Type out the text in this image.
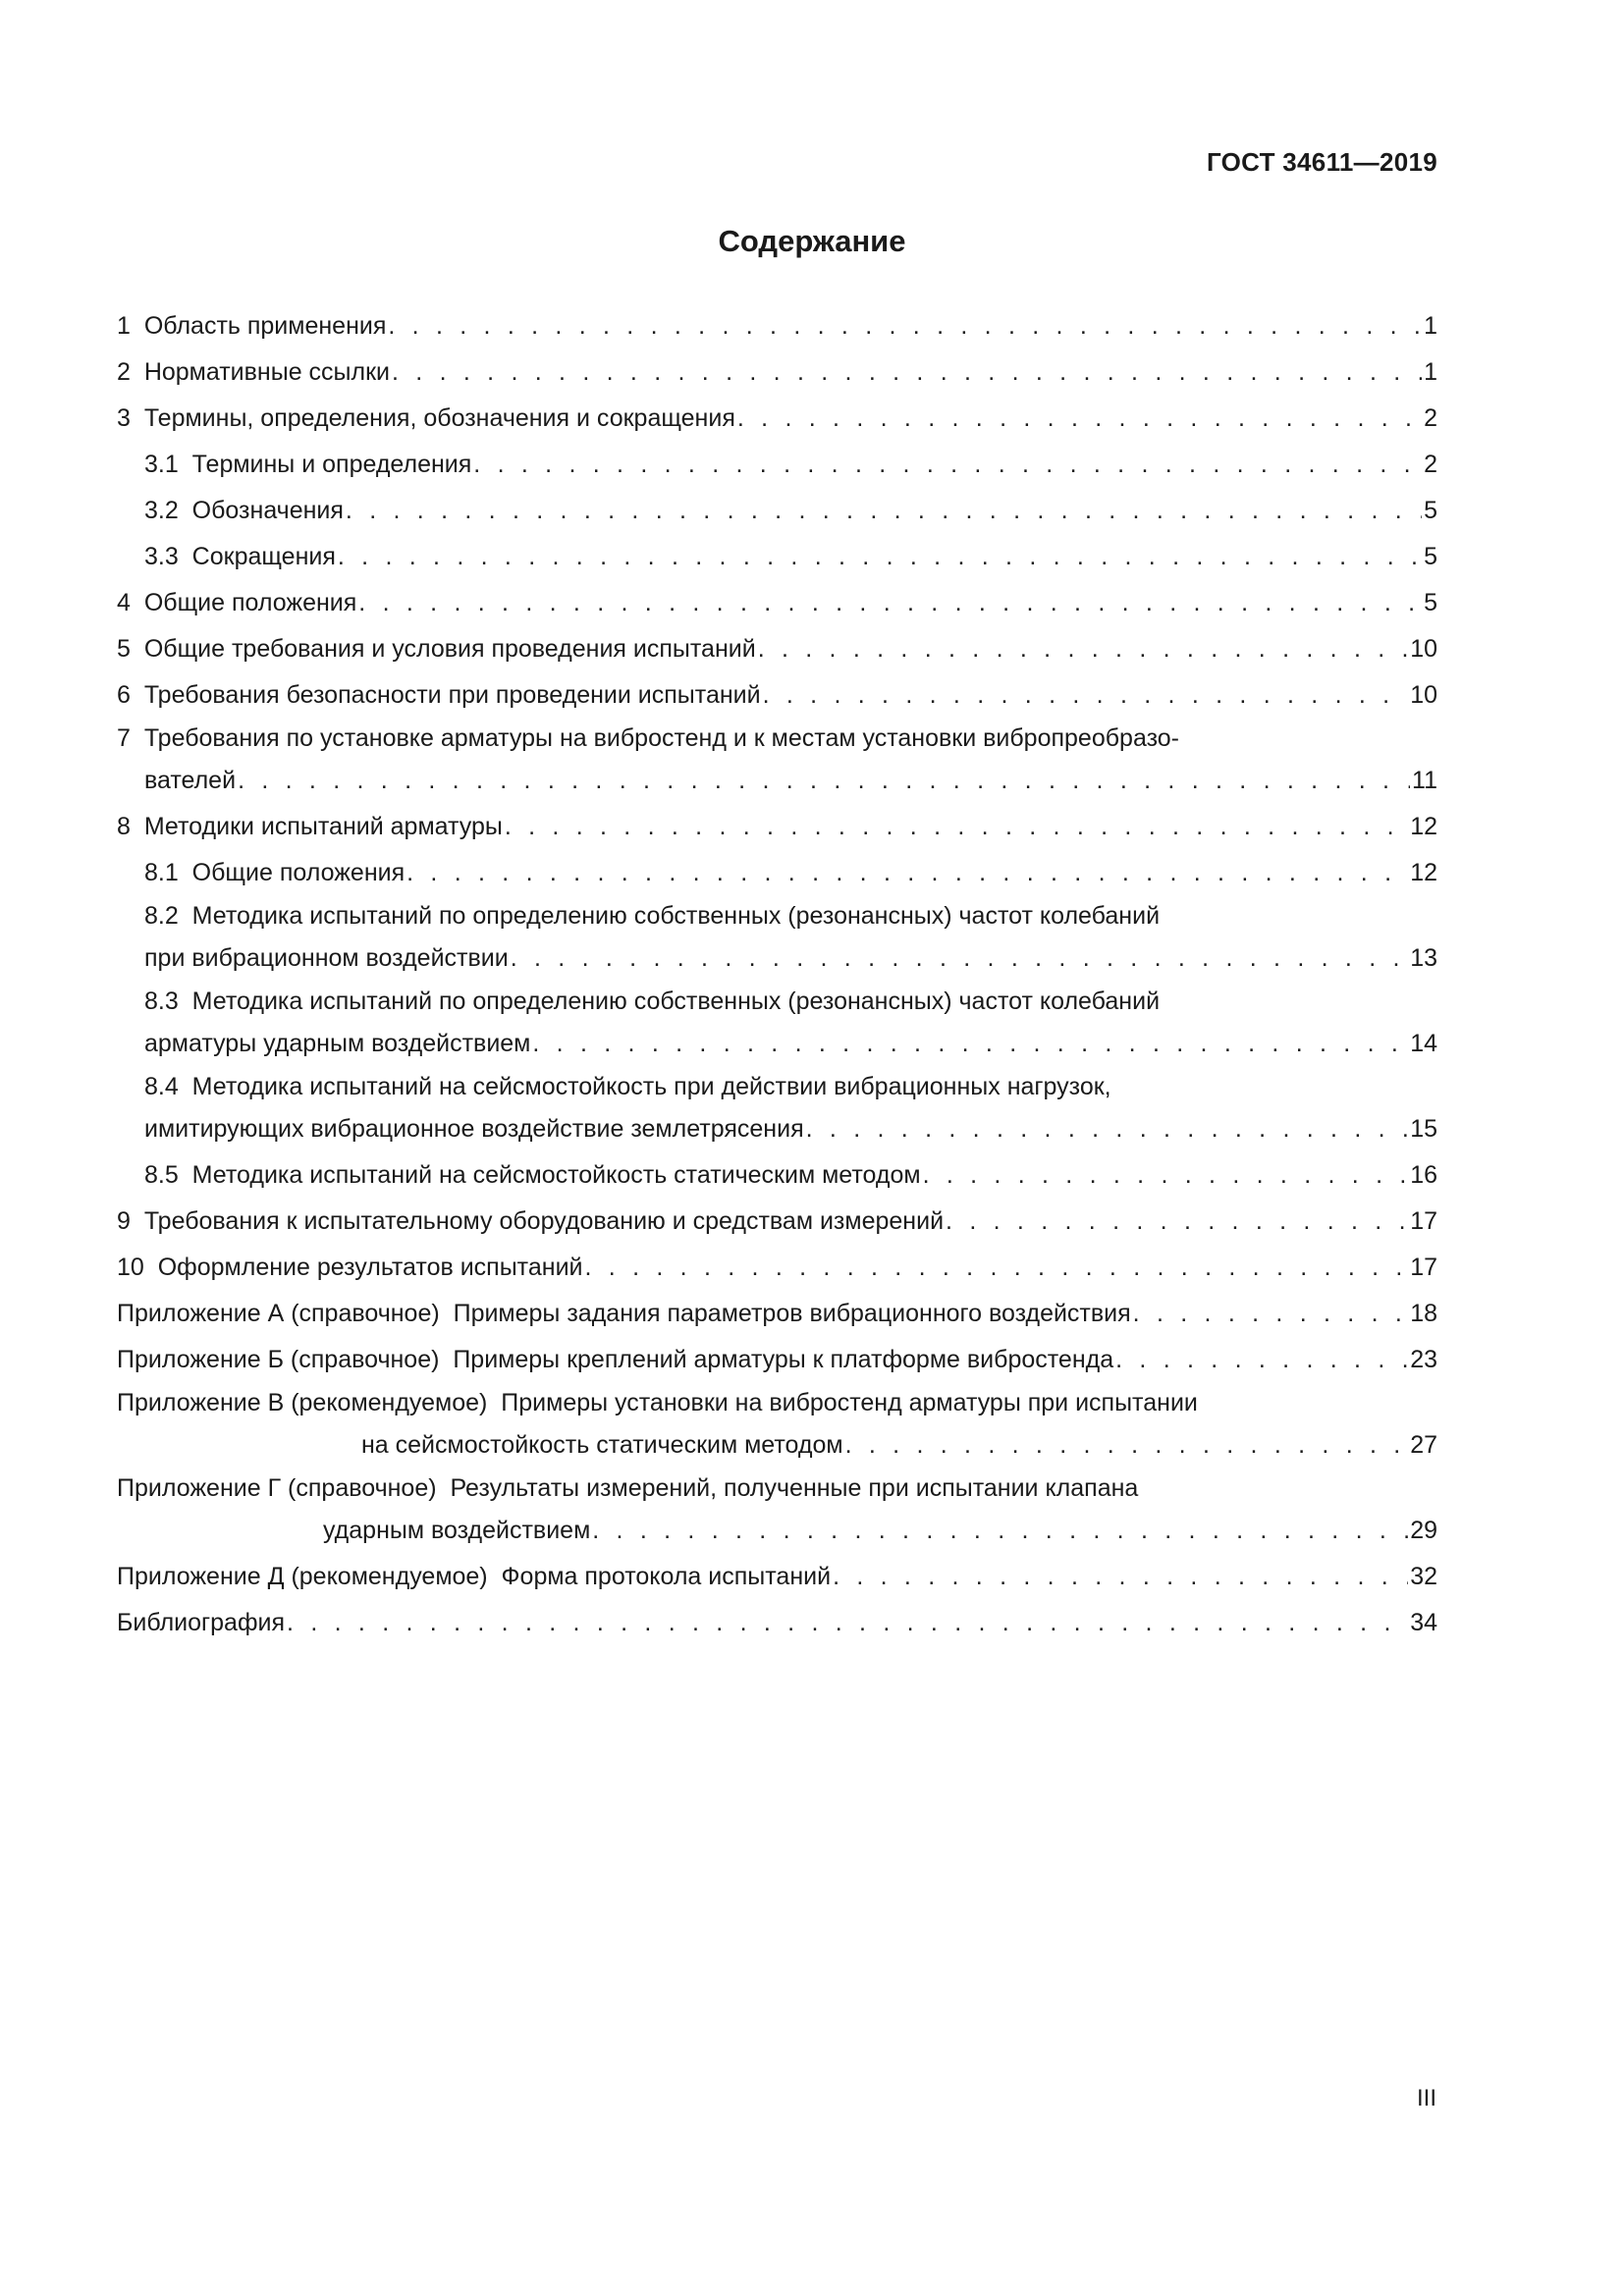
ГОСТ 34611—2019
Содержание
1 Область применения . . .	1
2 Нормативные ссылки . . .	1
3 Термины, определения, обозначения и сокращения . . .	2
3.1 Термины и определения . . .	2
3.2 Обозначения . . .	5
3.3 Сокращения . . .	5
4 Общие положения . . .	5
5 Общие требования и условия проведения испытаний . . .	10
6 Требования безопасности при проведении испытаний . . .	10
7 Требования по установке арматуры на вибростенд и к местам установки вибропреобразо-
вателей . . .	11
8 Методики испытаний арматуры . . .	12
8.1 Общие положения . . .	12
8.2 Методика испытаний по определению собственных (резонансных) частот колебаний
при вибрационном воздействии . . .	13
8.3 Методика испытаний по определению собственных (резонансных) частот колебаний
арматуры ударным воздействием . . .	14
8.4 Методика испытаний на сейсмостойкость при действии вибрационных нагрузок,
имитирующих вибрационное воздействие землетрясения . . .	15
8.5 Методика испытаний на сейсмостойкость статическим методом . . .	16
9 Требования к испытательному оборудованию и средствам измерений . . .	17
10 Оформление результатов испытаний . . .	17
Приложение А (справочное) Примеры задания параметров вибрационного воздействия . . .	18
Приложение Б (справочное) Примеры креплений арматуры к платформе вибростенда . . .	23
Приложение В (рекомендуемое) Примеры установки на вибростенд арматуры при испытании
на сейсмостойкость статическим методом . . .	27
Приложение Г (справочное) Результаты измерений, полученные при испытании клапана
ударным воздействием . . .	29
Приложение Д (рекомендуемое) Форма протокола испытаний . . .	32
Библиография . . .	34
III
